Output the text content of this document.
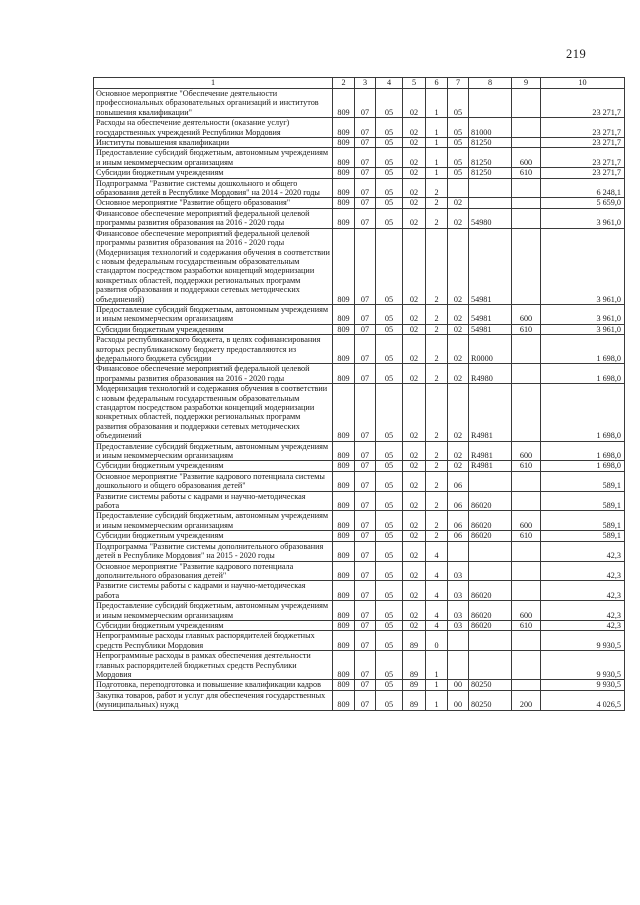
219
1	2	3	4	5	6	7	8	9	10
Основное мероприятие "Обеспечение деятельности профессиональных образовательных организаций и институтов повышения квалификации"	809	07	05	02	1	05			23 271,7
Расходы на обеспечение деятельности (оказание услуг) государственных учреждений Республики Мордовия	809	07	05	02	1	05	81000		23 271,7
Институты повышения квалификации	809	07	05	02	1	05	81250		23 271,7
Предоставление субсидий бюджетным, автономным учреждениям и иным некоммерческим организациям	809	07	05	02	1	05	81250	600	23 271,7
Субсидии бюджетным учреждениям	809	07	05	02	1	05	81250	610	23 271,7
Подпрограмма "Развитие системы дошкольного и общего образования детей в Республике Мордовия" на 2014 - 2020 годы	809	07	05	02	2				6 248,1
Основное мероприятие "Развитие общего образования"	809	07	05	02	2	02			5 659,0
Финансовое обеспечение мероприятий федеральной целевой программы развития образования на 2016 - 2020 годы	809	07	05	02	2	02	54980		3 961,0
Финансовое обеспечение мероприятий федеральной целевой программы развития образования на 2016 - 2020 годы (Модернизация технологий и содержания обучения в соответствии с новым федеральным государственным образовательным стандартом посредством разработки концепций модернизации конкретных областей, поддержки региональных программ развития образования и поддержки сетевых методических объединений)	809	07	05	02	2	02	54981		3 961,0
Предоставление субсидий бюджетным, автономным учреждениям и иным некоммерческим организациям	809	07	05	02	2	02	54981	600	3 961,0
Субсидии бюджетным учреждениям	809	07	05	02	2	02	54981	610	3 961,0
Расходы республиканского бюджета, в целях софинансирования которых республиканскому бюджету предоставляются из федерального бюджета субсидии	809	07	05	02	2	02	R0000		1 698,0
Финансовое обеспечение мероприятий федеральной целевой программы развития образования на 2016 - 2020 годы	809	07	05	02	2	02	R4980		1 698,0
Модернизация технологий и содержания обучения в соответствии с новым федеральным государственным образовательным стандартом посредством разработки концепций модернизации конкретных областей, поддержки региональных программ развития образования и поддержки сетевых методических объединений	809	07	05	02	2	02	R4981		1 698,0
Предоставление субсидий бюджетным, автономным учреждениям и иным некоммерческим организациям	809	07	05	02	2	02	R4981	600	1 698,0
Субсидии бюджетным учреждениям	809	07	05	02	2	02	R4981	610	1 698,0
Основное мероприятие "Развитие кадрового потенциала системы дошкольного и общего образования детей"	809	07	05	02	2	06			589,1
Развитие системы работы с кадрами и научно-методическая работа	809	07	05	02	2	06	86020		589,1
Предоставление субсидий бюджетным, автономным учреждениям и иным некоммерческим организациям	809	07	05	02	2	06	86020	600	589,1
Субсидии бюджетным учреждениям	809	07	05	02	2	06	86020	610	589,1
Подпрограмма "Развитие системы дополнительного образования детей в Республике Мордовия" на 2015 - 2020 годы	809	07	05	02	4				42,3
Основное мероприятие "Развитие кадрового потенциала дополнительного образования детей"	809	07	05	02	4	03			42,3
Развитие системы работы с кадрами и научно-методическая работа	809	07	05	02	4	03	86020		42,3
Предоставление субсидий бюджетным, автономным учреждениям и иным некоммерческим организациям	809	07	05	02	4	03	86020	600	42,3
Субсидии бюджетным учреждениям	809	07	05	02	4	03	86020	610	42,3
Непрограммные расходы главных распорядителей бюджетных средств Республики Мордовия	809	07	05	89	0				9 930,5
Непрограммные расходы в рамках обеспечения деятельности главных распорядителей бюджетных средств Республики Мордовия	809	07	05	89	1				9 930,5
Подготовка, переподготовка и повышение квалификации кадров	809	07	05	89	1	00	80250		9 930,5
Закупка товаров, работ и услуг для обеспечения государственных (муниципальных) нужд	809	07	05	89	1	00	80250	200	4 026,5
